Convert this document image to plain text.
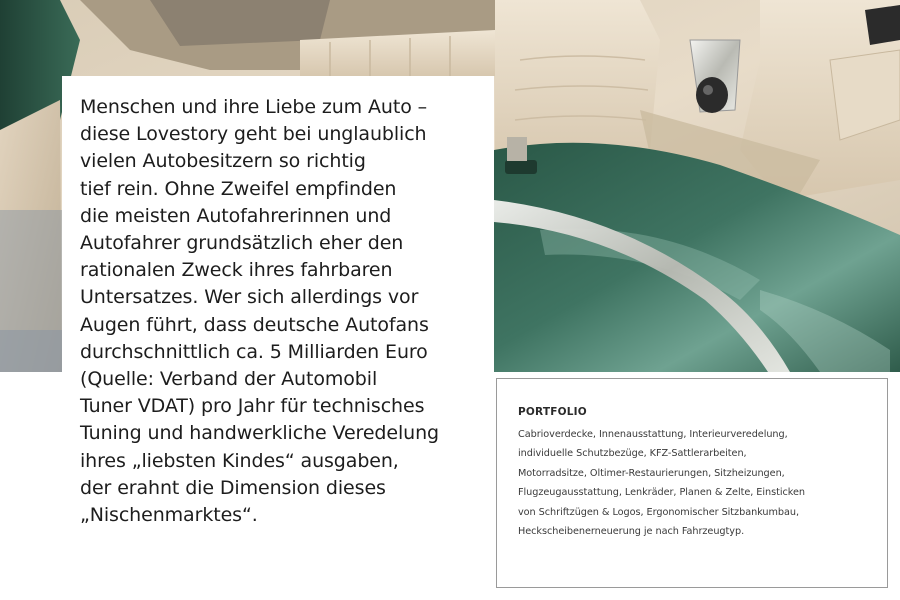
Menschen und ihre Liebe zum Auto –
diese Lovestory geht bei unglaublich
vielen Autobesitzern so richtig
tief rein. Ohne Zweifel empfinden
die meisten Autofahrerinnen und
Autofahrer grundsätzlich eher den
rationalen Zweck ihres fahrbaren
Untersatzes. Wer sich allerdings vor
Augen führt, dass deutsche Autofans
durchschnittlich ca. 5 Milliarden Euro
(Quelle: Verband der Automobil
Tuner VDAT) pro Jahr für technisches
Tuning und handwerkliche Veredelung
ihres „liebsten Kindes“ ausgaben,
der erahnt die Dimension dieses
„Nischenmarktes“.

PORTFOLIO

Cabrioverdecke, Innenausstattung, Interieurveredelung,
individuelle Schutzbezüge, KFZ-Sattlerarbeiten,
Motorradsitze, Oltimer-Restaurierungen, Sitzheizungen,
Flugzeugausstattung, Lenkräder, Planen & Zelte, Einsticken
von Schriftzügen & Logos, Ergonomischer Sitzbankumbau,
Heckscheibenerneuerung je nach Fahrzeugtyp.
